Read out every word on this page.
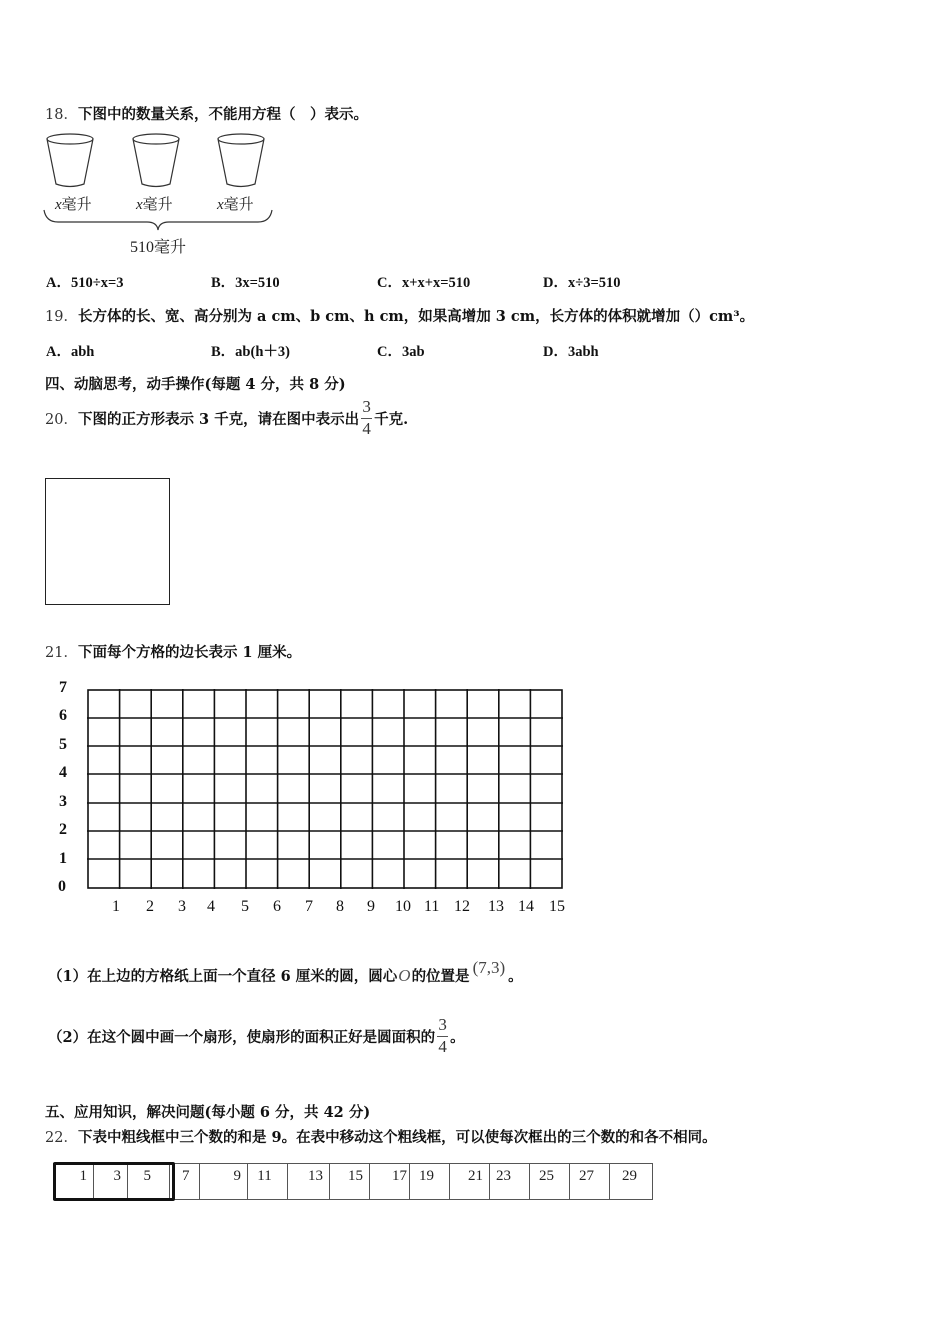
18．下图中的数量关系，不能用方程（　）表示。
x毫升	x毫升	x毫升
510毫升
A．510÷x=3	B．3x=510	C．x+x+x=510	D．x÷3=510
19．长方体的长、宽、高分别为 a cm、b cm、h cm，如果高增加 3 cm，长方体的体积就增加（）cm³。
A．abh	B．ab(h＋3)	C．3ab	D．3abh
四、动脑思考，动手操作(每题 4 分，共 8 分)
20． 下图的正方形表示 3 千克，请在图中表示出 $\frac{3}{4}$ 千克.
21．下面每个方格的边长表示 1 厘米。
7
6
5
4
3
2
1
0
1 2 3 4 5 6 7 8 9 10 11 12 13 14 15
（1） 在上边的方格纸上面一个直径 6 厘米的圆，圆心 O 的位置是 (7,3) 。
（2） 在这个圆中画一个扇形，使扇形的面积正好是圆面积的 $\frac{3}{4}$ 。
五、应用知识，解决问题(每小题 6 分，共 42 分)
22．下表中粗线框中三个数的和是 9。在表中移动这个粗线框，可以使每次框出的三个数的和各不相同。
1	3	5	7	9	11	13	15	17	19	21	23	25	27	29
